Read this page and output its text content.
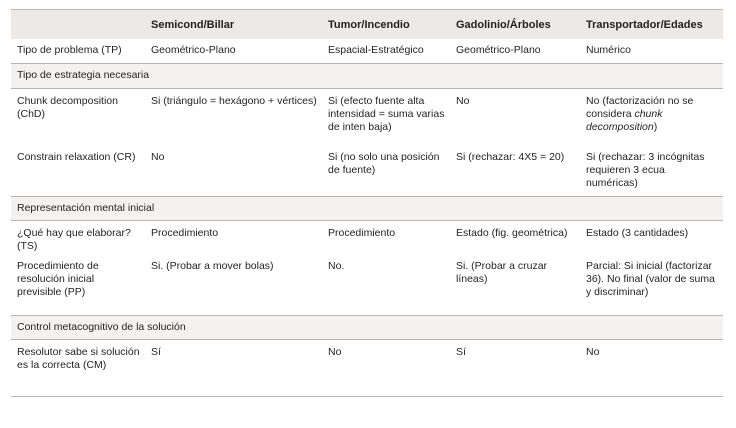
	Semicond/Billar	Tumor/Incendio	Gadolinio/Árboles	Transportador/Edades
Tipo de problema (TP)	Geométrico-Plano	Espacial-Estratégico	Geométrico-Plano	Numérico
Tipo de estrategia necesaria				
Chunk decomposition (ChD)	Si (triángulo = hexágono + vértices)	Si (efecto fuente alta intensidad = suma varias de inten baja)	No	No (factorización no se considera chunk decomposition)
Constrain relaxation (CR)	No	Si (no solo una posición de fuente)	Si (rechazar: 4X5 = 20)	Si (rechazar: 3 incógnitas requieren 3 ecua numéricas)
Representación mental inicial				
¿Qué hay que elaborar? (TS)	Procedimiento	Procedimiento	Estado (fig. geométrica)	Estado (3 cantidades)
Procedimiento de resolución inicial previsible (PP)	Si. (Probar a mover bolas)	No.	Si. (Probar a cruzar líneas)	Parcial: Si inicial (factorizar 36). No final (valor de suma y discriminar)
Control metacognitivo de la solución				
Resolutor sabe si solución es la correcta (CM)	Sí	No	Sí	No
